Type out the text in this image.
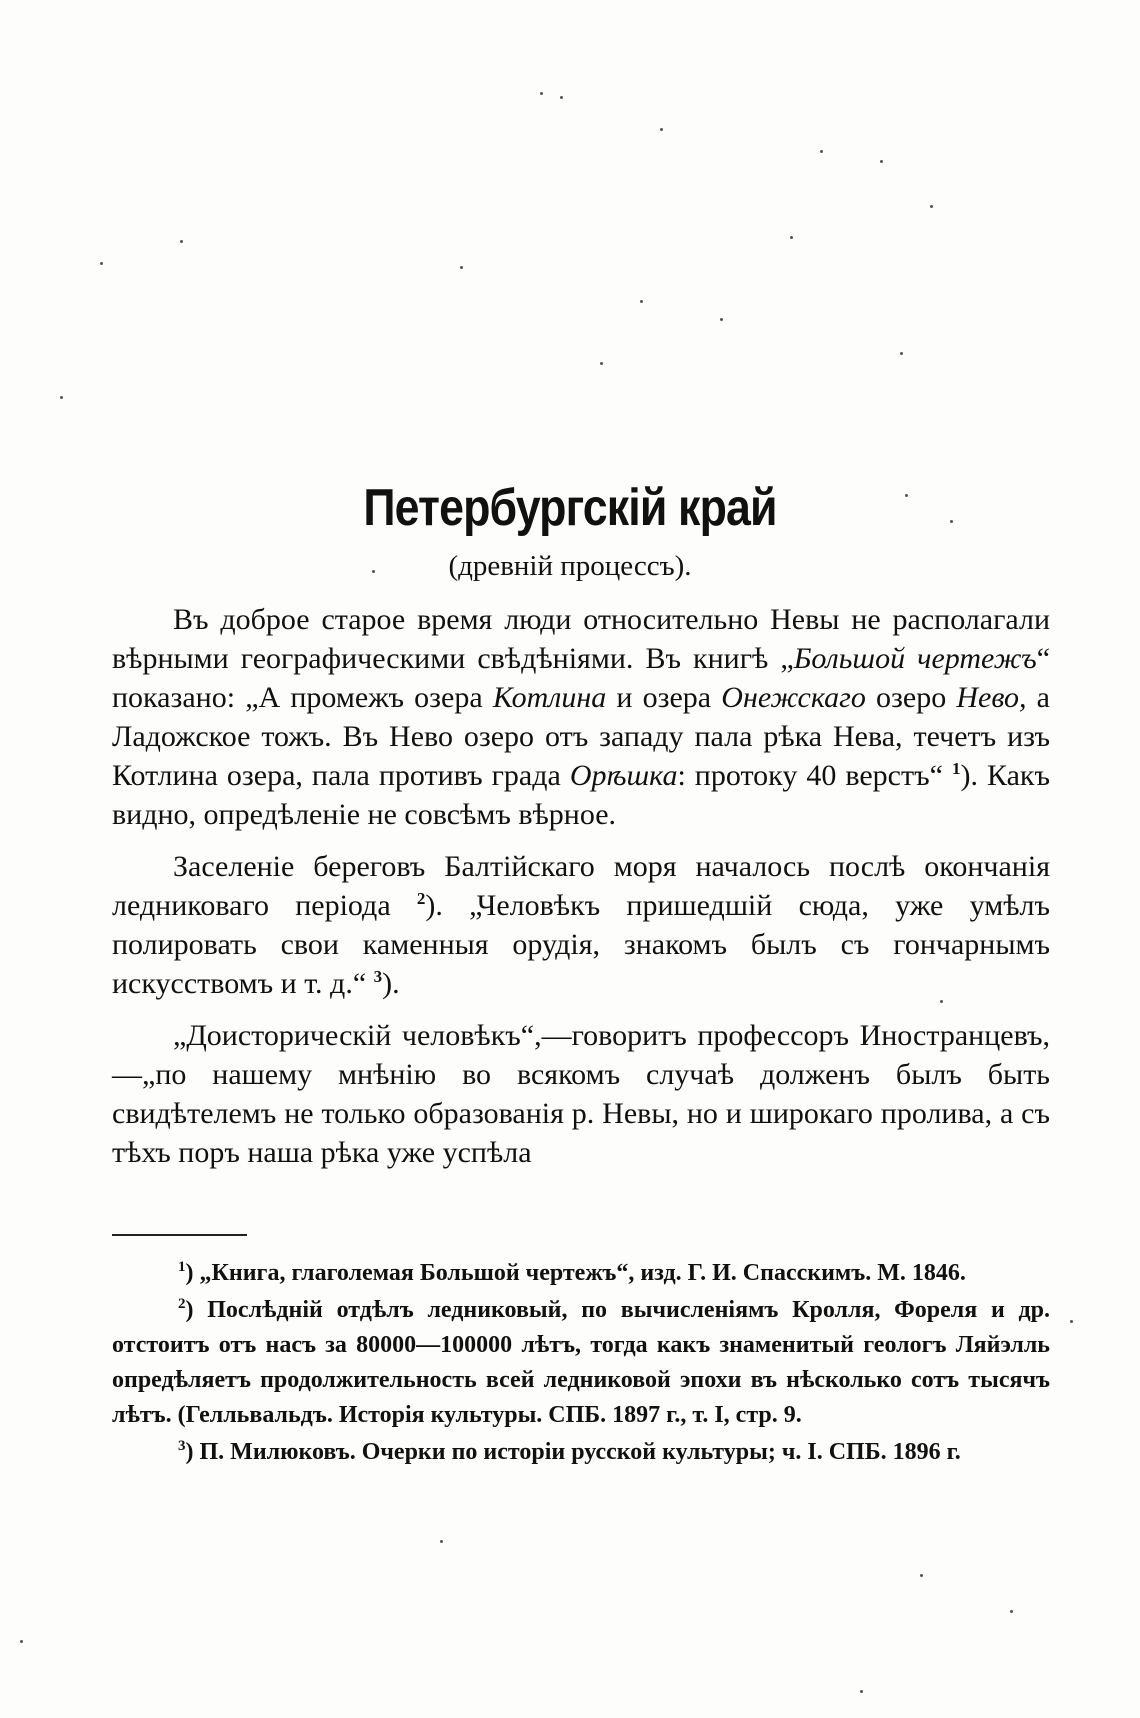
Петербургскій край
(древній процессъ).

Въ доброе старое время люди относительно Невы не располагали вѣрными географическими свѣдѣніями. Въ книгѣ „Большой чертежъ“ показано: „А промежъ озера Котлина и озера Онежскаго озеро Нево, а Ладожское тожъ. Въ Нево озеро отъ западу пала рѣка Нева, течетъ изъ Котлина озера, пала противъ града Орѣшка: протоку 40 верстъ“ $^1$). Какъ видно, опредѣленіе не совсѣмъ вѣрное.

Заселеніе береговъ Балтійскаго моря началось послѣ окончанія ледниковаго періода $^2$). „Человѣкъ пришедшій сюда, уже умѣлъ полировать свои каменныя орудія, знакомъ былъ съ гончарнымъ искусствомъ и т. д.“ $^3$).

„Доисторическій человѣкъ“,—говоритъ профессоръ Иностранцевъ,—„по нашему мнѣнію во всякомъ случаѣ долженъ былъ быть свидѣтелемъ не только образованія р. Невы, но и широкаго пролива, а съ тѣхъ поръ наша рѣка уже успѣла

$^1$) „Книга, глаголемая Большой чертежъ“, изд. Г. И. Спасскимъ. М. 1846.

$^2$) Послѣдній отдѣлъ ледниковый, по вычисленіямъ Кролля, Фореля и др. отстоитъ отъ насъ за 80000—100000 лѣтъ, тогда какъ знаменитый геологъ Ляйэлль опредѣляетъ продолжительность всей ледниковой эпохи въ нѣсколько сотъ тысячъ лѣтъ. (Гелльвальдъ. Исторія культуры. СПБ. 1897 г., т. I, стр. 9.

$^3$) П. Милюковъ. Очерки по исторіи русской культуры; ч. I. СПБ. 1896 г.
